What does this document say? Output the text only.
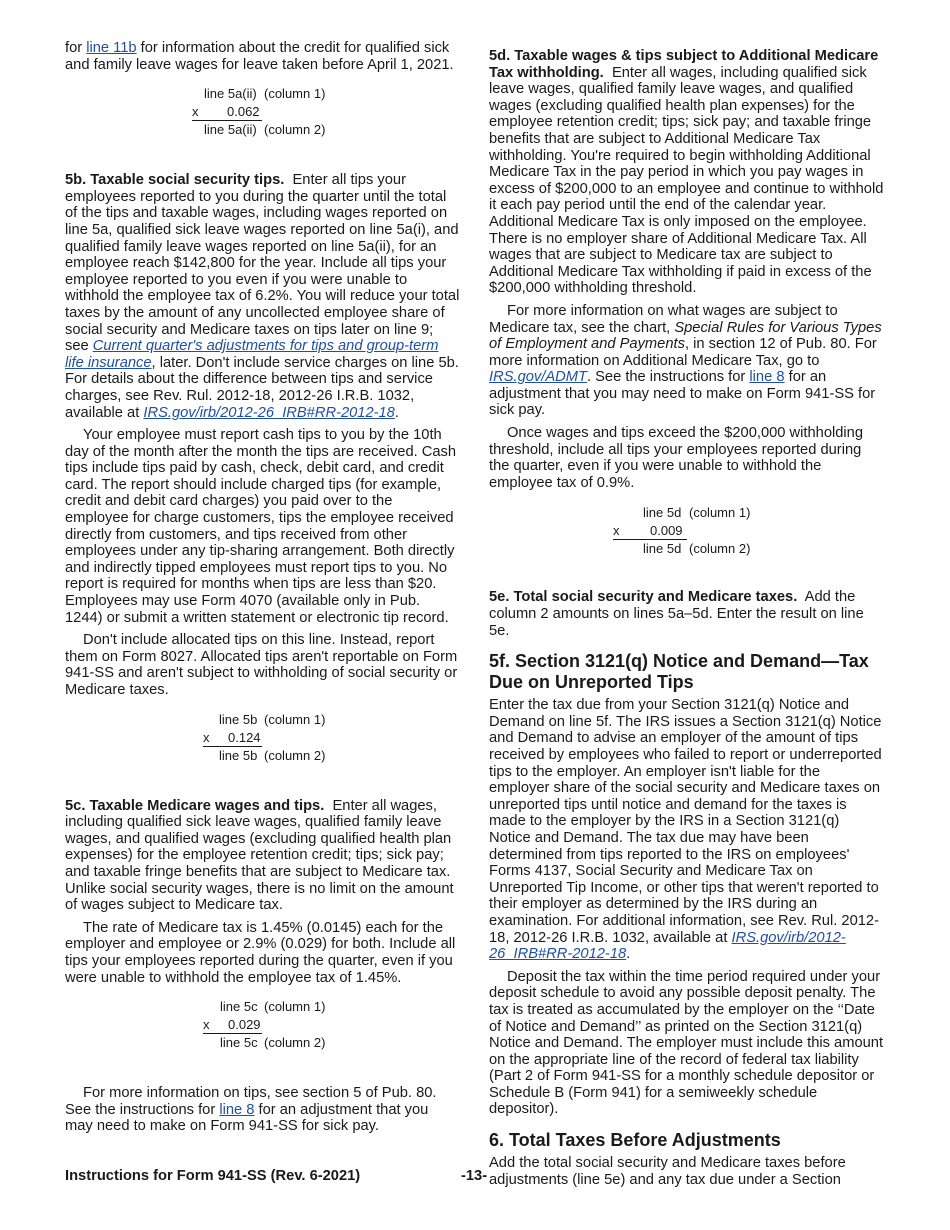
for line 11b for information about the credit for qualified sick and family leave wages for leave taken before April 1, 2021.

line 5a(ii) (column 1)
x 0.062
line 5a(ii) (column 2)

5b. Taxable social security tips. Enter all tips your employees reported to you during the quarter until the total of the tips and taxable wages, including wages reported on line 5a, qualified sick leave wages reported on line 5a(i), and qualified family leave wages reported on line 5a(ii), for an employee reach $142,800 for the year. Include all tips your employee reported to you even if you were unable to withhold the employee tax of 6.2%. You will reduce your total taxes by the amount of any uncollected employee share of social security and Medicare taxes on tips later on line 9; see Current quarter's adjustments for tips and group-term life insurance, later. Don't include service charges on line 5b. For details about the difference between tips and service charges, see Rev. Rul. 2012-18, 2012-26 I.R.B. 1032, available at IRS.gov/irb/2012-26_IRB#RR-2012-18.

Your employee must report cash tips to you by the 10th day of the month after the month the tips are received. Cash tips include tips paid by cash, check, debit card, and credit card. The report should include charged tips (for example, credit and debit card charges) you paid over to the employee for charge customers, tips the employee received directly from customers, and tips received from other employees under any tip-sharing arrangement. Both directly and indirectly tipped employees must report tips to you. No report is required for months when tips are less than $20. Employees may use Form 4070 (available only in Pub. 1244) or submit a written statement or electronic tip record.

Don't include allocated tips on this line. Instead, report them on Form 8027. Allocated tips aren't reportable on Form 941-SS and aren't subject to withholding of social security or Medicare taxes.

line 5b (column 1)
x 0.124
line 5b (column 2)

5c. Taxable Medicare wages and tips. Enter all wages, including qualified sick leave wages, qualified family leave wages, and qualified wages (excluding qualified health plan expenses) for the employee retention credit; tips; sick pay; and taxable fringe benefits that are subject to Medicare tax. Unlike social security wages, there is no limit on the amount of wages subject to Medicare tax.

The rate of Medicare tax is 1.45% (0.0145) each for the employer and employee or 2.9% (0.029) for both. Include all tips your employees reported during the quarter, even if you were unable to withhold the employee tax of 1.45%.

line 5c (column 1)
x 0.029
line 5c (column 2)

For more information on tips, see section 5 of Pub. 80. See the instructions for line 8 for an adjustment that you may need to make on Form 941-SS for sick pay.

5d. Taxable wages & tips subject to Additional Medicare Tax withholding. Enter all wages, including qualified sick leave wages, qualified family leave wages, and qualified wages (excluding qualified health plan expenses) for the employee retention credit; tips; sick pay; and taxable fringe benefits that are subject to Additional Medicare Tax withholding. You're required to begin withholding Additional Medicare Tax in the pay period in which you pay wages in excess of $200,000 to an employee and continue to withhold it each pay period until the end of the calendar year. Additional Medicare Tax is only imposed on the employee. There is no employer share of Additional Medicare Tax. All wages that are subject to Medicare tax are subject to Additional Medicare Tax withholding if paid in excess of the $200,000 withholding threshold.

For more information on what wages are subject to Medicare tax, see the chart, Special Rules for Various Types of Employment and Payments, in section 12 of Pub. 80. For more information on Additional Medicare Tax, go to IRS.gov/ADMT. See the instructions for line 8 for an adjustment that you may need to make on Form 941-SS for sick pay.

Once wages and tips exceed the $200,000 withholding threshold, include all tips your employees reported during the quarter, even if you were unable to withhold the employee tax of 0.9%.

line 5d (column 1)
x 0.009
line 5d (column 2)

5e. Total social security and Medicare taxes. Add the column 2 amounts on lines 5a–5d. Enter the result on line 5e.

5f. Section 3121(q) Notice and Demand—Tax Due on Unreported Tips

Enter the tax due from your Section 3121(q) Notice and Demand on line 5f. The IRS issues a Section 3121(q) Notice and Demand to advise an employer of the amount of tips received by employees who failed to report or underreported tips to the employer. An employer isn't liable for the employer share of the social security and Medicare taxes on unreported tips until notice and demand for the taxes is made to the employer by the IRS in a Section 3121(q) Notice and Demand. The tax due may have been determined from tips reported to the IRS on employees' Forms 4137, Social Security and Medicare Tax on Unreported Tip Income, or other tips that weren't reported to their employer as determined by the IRS during an examination. For additional information, see Rev. Rul. 2012-18, 2012-26 I.R.B. 1032, available at IRS.gov/irb/2012-26_IRB#RR-2012-18.

Deposit the tax within the time period required under your deposit schedule to avoid any possible deposit penalty. The tax is treated as accumulated by the employer on the ‘‘Date of Notice and Demand’’ as printed on the Section 3121(q) Notice and Demand. The employer must include this amount on the appropriate line of the record of federal tax liability (Part 2 of Form 941-SS for a monthly schedule depositor or Schedule B (Form 941) for a semiweekly schedule depositor).

6. Total Taxes Before Adjustments

Add the total social security and Medicare taxes before adjustments (line 5e) and any tax due under a Section

Instructions for Form 941-SS (Rev. 6-2021)	-13-
